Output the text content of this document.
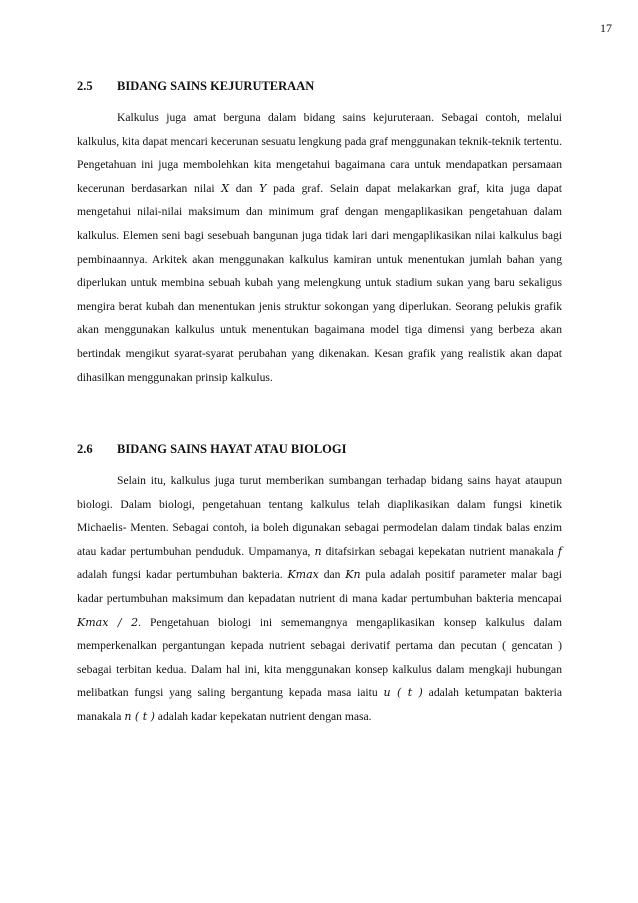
17
2.5	BIDANG SAINS KEJURUTERAAN

Kalkulus juga amat berguna dalam bidang sains kejuruteraan. Sebagai contoh, melalui kalkulus, kita dapat mencari kecerunan sesuatu lengkung pada graf menggunakan teknik-teknik tertentu. Pengetahuan ini juga membolehkan kita mengetahui bagaimana cara untuk mendapatkan persamaan kecerunan berdasarkan nilai X dan Y pada graf. Selain dapat melakarkan graf, kita juga dapat mengetahui nilai-nilai maksimum dan minimum graf dengan mengaplikasikan pengetahuan dalam kalkulus. Elemen seni bagi sesebuah bangunan juga tidak lari dari mengaplikasikan nilai kalkulus bagi pembinaannya. Arkitek akan menggunakan kalkulus kamiran untuk menentukan jumlah bahan yang diperlukan untuk membina sebuah kubah yang melengkung untuk stadium sukan yang baru sekaligus mengira berat kubah dan menentukan jenis struktur sokongan yang diperlukan. Seorang pelukis grafik akan menggunakan kalkulus untuk menentukan bagaimana model tiga dimensi yang berbeza akan bertindak mengikut syarat-syarat perubahan yang dikenakan. Kesan grafik yang realistik akan dapat dihasilkan menggunakan prinsip kalkulus.

2.6	BIDANG SAINS HAYAT ATAU BIOLOGI

Selain itu, kalkulus juga turut memberikan sumbangan terhadap bidang sains hayat ataupun biologi. Dalam biologi, pengetahuan tentang kalkulus telah diaplikasikan dalam fungsi kinetik Michaelis- Menten. Sebagai contoh, ia boleh digunakan sebagai permodelan dalam tindak balas enzim atau kadar pertumbuhan penduduk. Umpamanya, n ditafsirkan sebagai kepekatan nutrient manakala f adalah fungsi kadar pertumbuhan bakteria. Kmax dan Kn pula adalah positif parameter malar bagi kadar pertumbuhan maksimum dan kepadatan nutrient di mana kadar pertumbuhan bakteria mencapai Kmax / 2. Pengetahuan biologi ini sememangnya mengaplikasikan konsep kalkulus dalam memperkenalkan pergantungan kepada nutrient sebagai derivatif pertama dan pecutan ( gencatan ) sebagai terbitan kedua. Dalam hal ini, kita menggunakan konsep kalkulus dalam mengkaji hubungan melibatkan fungsi yang saling bergantung kepada masa iaitu u ( t ) adalah ketumpatan bakteria manakala n ( t ) adalah kadar kepekatan nutrient dengan masa.
